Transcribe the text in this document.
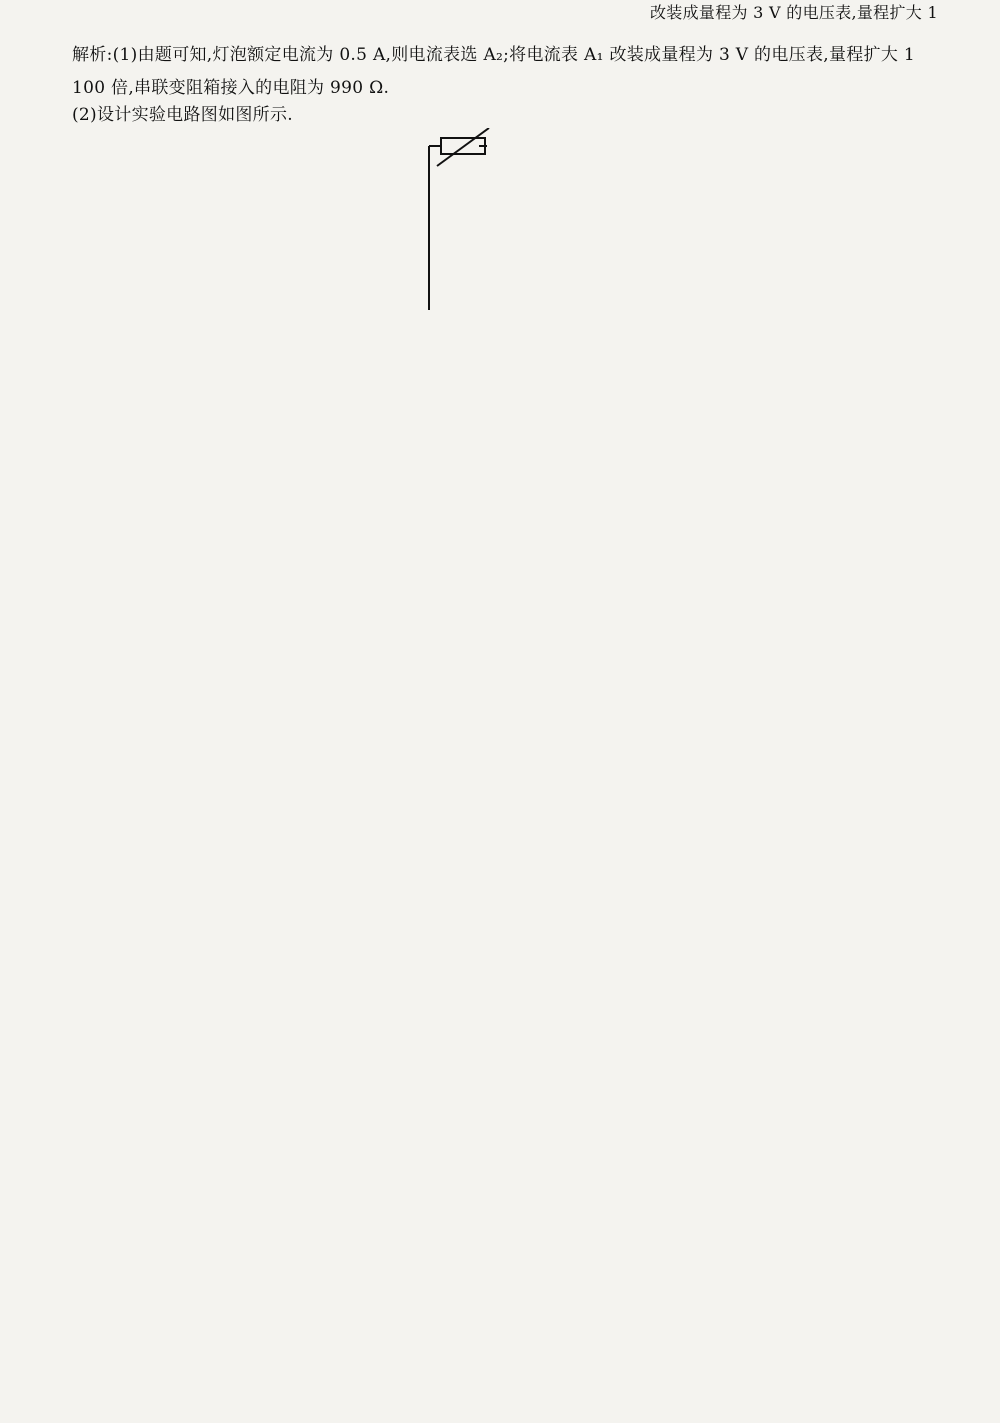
改装成量程为 3 V 的电压表,量程扩大 1
解析:(1)由题可知,灯泡额定电流为 0.5 A,则电流表选 A₂;将电流表 A₁ 改装成量程为 3 V 的电压表,量程扩大 1
100 倍,串联变阻箱接入的电阻为 990 Ω.
(2)设计实验电路图如图所示.
